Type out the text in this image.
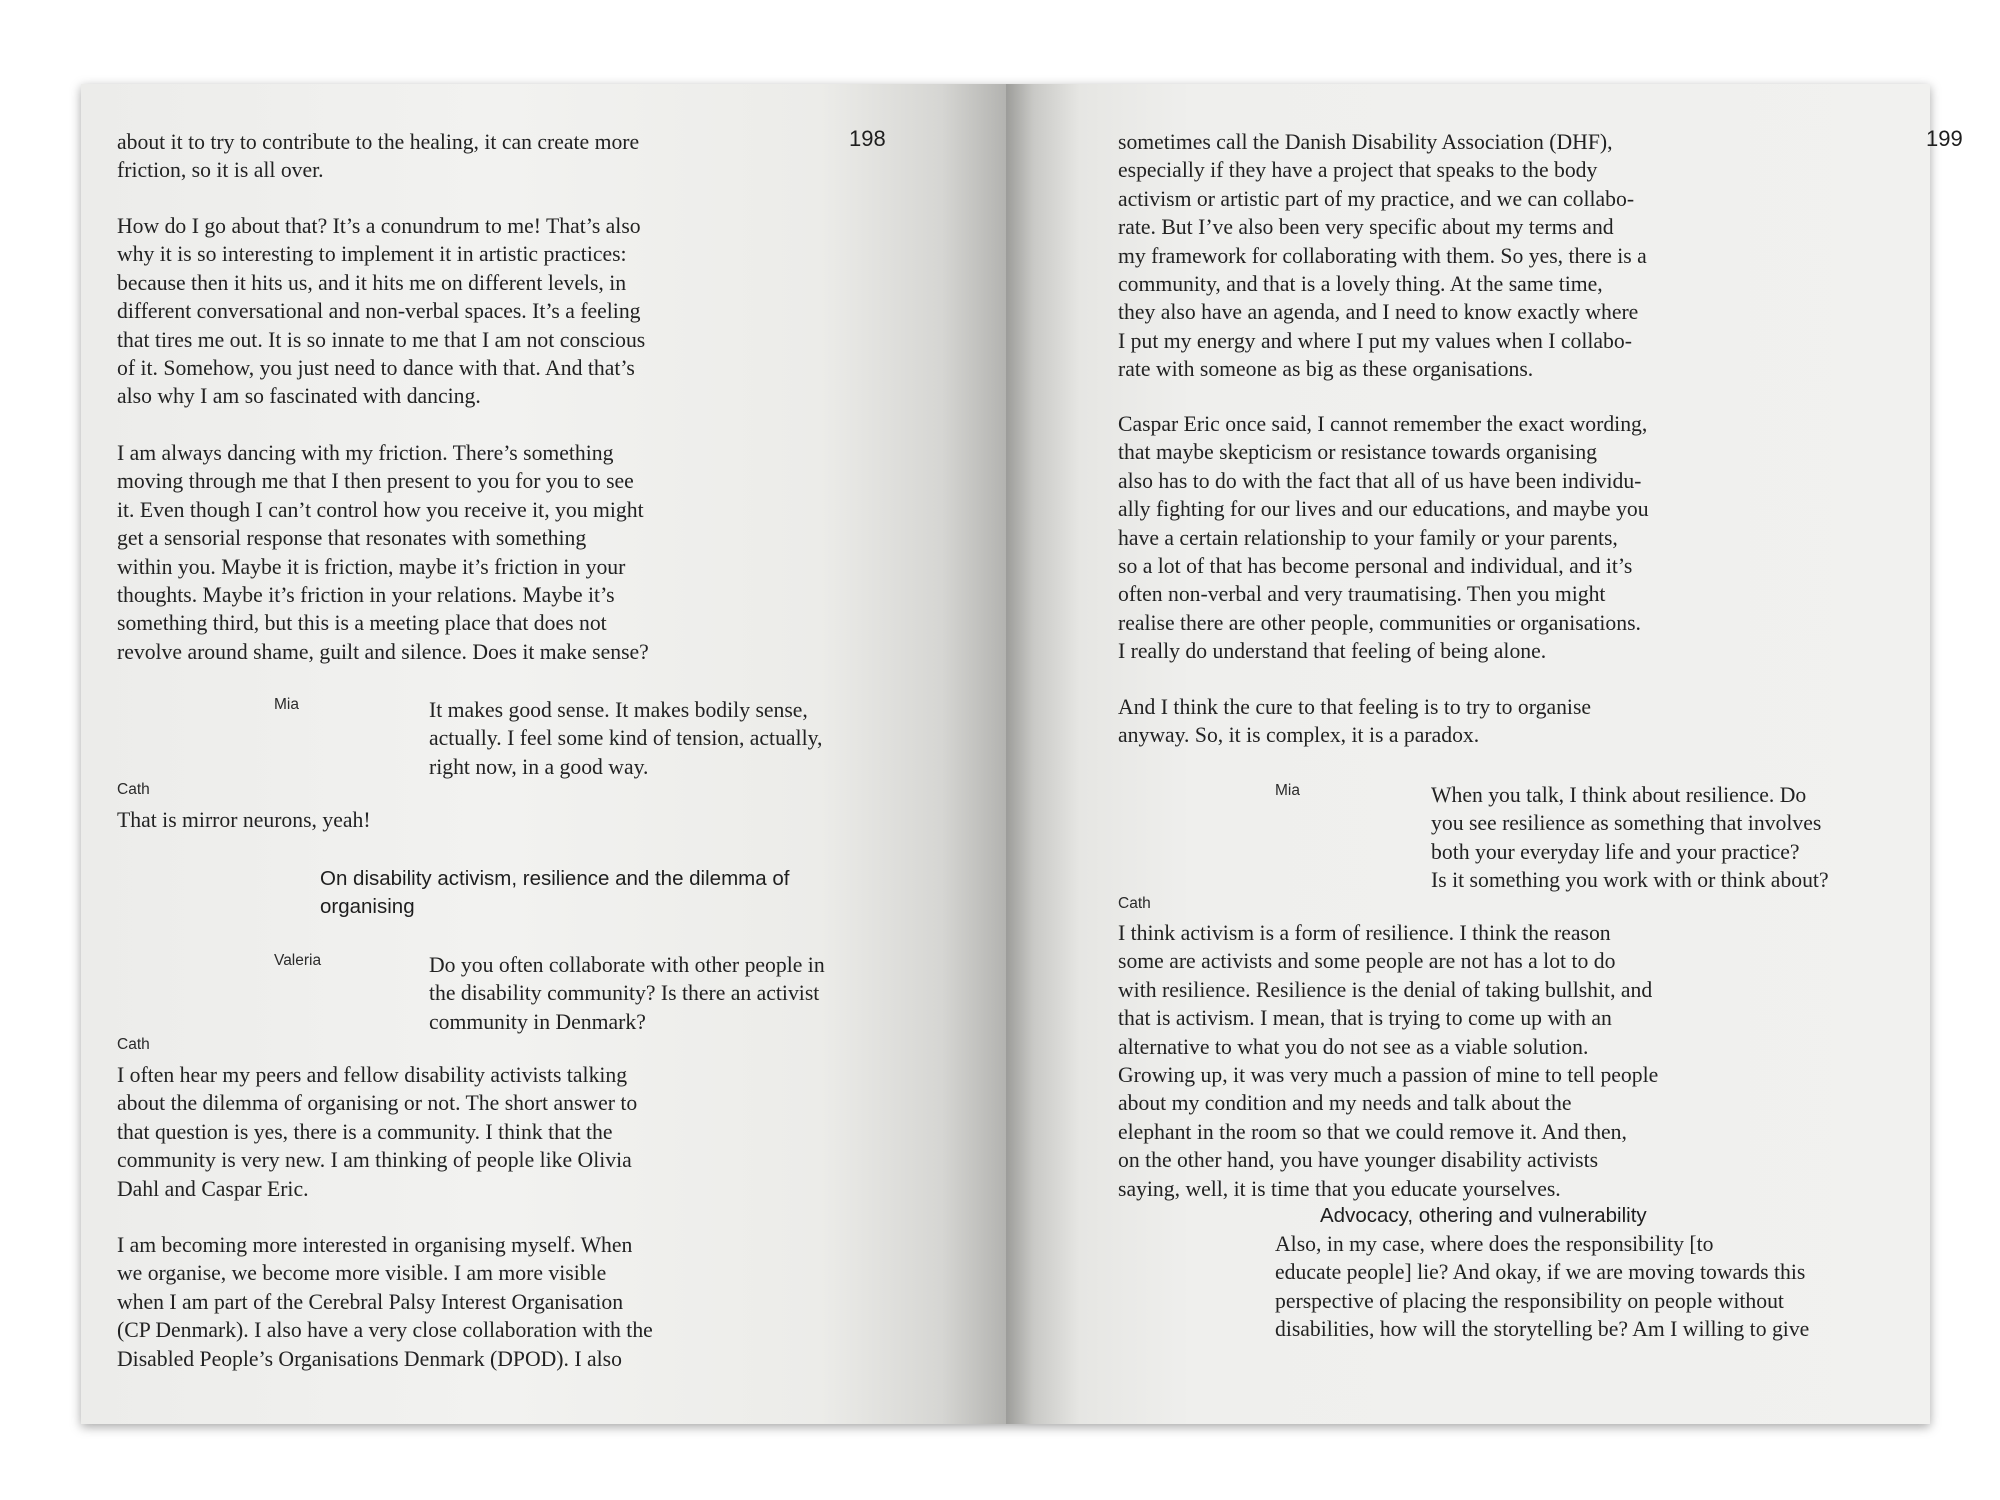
198
about it to try to contribute to the healing, it can create more
friction, so it is all over.
How do I go about that? It’s a conundrum to me! That’s also
why it is so interesting to implement it in artistic practices:
because then it hits us, and it hits me on different levels, in
different conversational and non-verbal spaces. It’s a feeling
that tires me out. It is so innate to me that I am not conscious
of it. Somehow, you just need to dance with that. And that’s
also why I am so fascinated with dancing.
I am always dancing with my friction. There’s something
moving through me that I then present to you for you to see
it. Even though I can’t control how you receive it, you might
get a sensorial response that resonates with something
within you. Maybe it is friction, maybe it’s friction in your
thoughts. Maybe it’s friction in your relations. Maybe it’s
something third, but this is a meeting place that does not
revolve around shame, guilt and silence. Does it make sense?
Mia	It makes good sense. It makes bodily sense,
actually. I feel some kind of tension, actually,
right now, in a good way.
Cath
That is mirror neurons, yeah!
On disability activism, resilience and the dilemma of
organising
Valeria	Do you often collaborate with other people in
the disability community? Is there an activist
community in Denmark?
Cath
I often hear my peers and fellow disability activists talking
about the dilemma of organising or not. The short answer to
that question is yes, there is a community. I think that the
community is very new. I am thinking of people like Olivia
Dahl and Caspar Eric.
I am becoming more interested in organising myself. When
we organise, we become more visible. I am more visible
when I am part of the Cerebral Palsy Interest Organisation
(CP Denmark). I also have a very close collaboration with the
Disabled People’s Organisations Denmark (DPOD). I also
199
sometimes call the Danish Disability Association (DHF),
especially if they have a project that speaks to the body
activism or artistic part of my practice, and we can collabo-
rate. But I’ve also been very specific about my terms and
my framework for collaborating with them. So yes, there is a
community, and that is a lovely thing. At the same time,
they also have an agenda, and I need to know exactly where
I put my energy and where I put my values when I collabo-
rate with someone as big as these organisations.
Caspar Eric once said, I cannot remember the exact wording,
that maybe skepticism or resistance towards organising
also has to do with the fact that all of us have been individu-
ally fighting for our lives and our educations, and maybe you
have a certain relationship to your family or your parents,
so a lot of that has become personal and individual, and it’s
often non-verbal and very traumatising. Then you might
realise there are other people, communities or organisations.
I really do understand that feeling of being alone.
And I think the cure to that feeling is to try to organise
anyway. So, it is complex, it is a paradox.
Mia	When you talk, I think about resilience. Do
you see resilience as something that involves
both your everyday life and your practice?
Is it something you work with or think about?
Cath
I think activism is a form of resilience. I think the reason
some are activists and some people are not has a lot to do
with resilience. Resilience is the denial of taking bullshit, and
that is activism. I mean, that is trying to come up with an
alternative to what you do not see as a viable solution.
Growing up, it was very much a passion of mine to tell people
about my condition and my needs and talk about the
elephant in the room so that we could remove it. And then,
on the other hand, you have younger disability activists
saying, well, it is time that you educate yourselves.
Advocacy, othering and vulnerability
Also, in my case, where does the responsibility [to
educate people] lie? And okay, if we are moving towards this
perspective of placing the responsibility on people without
disabilities, how will the storytelling be? Am I willing to give
